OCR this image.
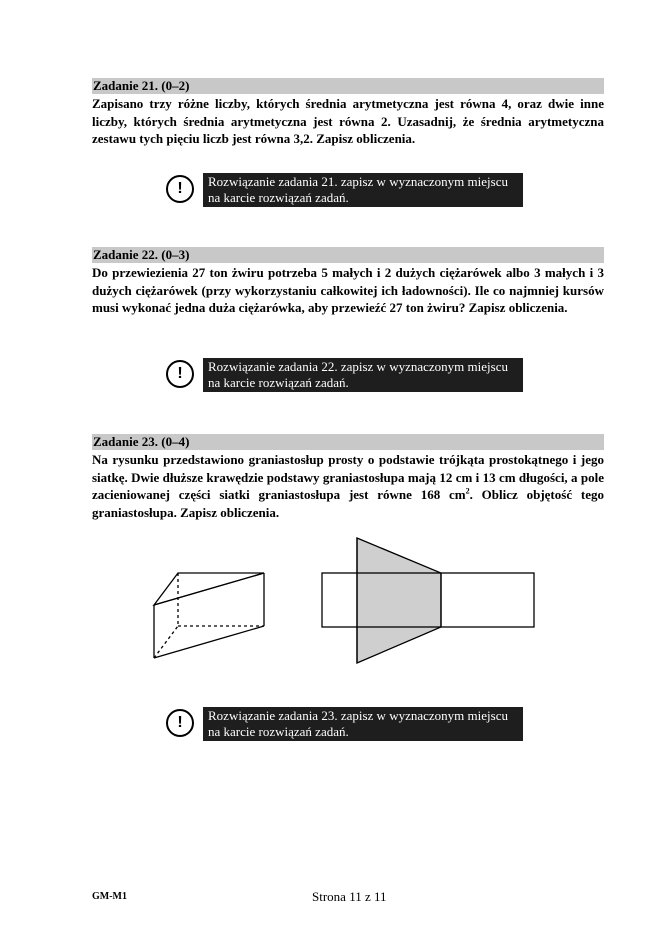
Zadanie 21. (0–2)

Zapisano trzy różne liczby, których średnia arytmetyczna jest równa 4, oraz dwie inne liczby, których średnia arytmetyczna jest równa 2. Uzasadnij, że średnia arytmetyczna zestawu tych pięciu liczb jest równa 3,2. Zapisz obliczenia.

!	Rozwiązanie zadania 21. zapisz w wyznaczonym miejscu
na karcie rozwiązań zadań.
Zadanie 22. (0–3)

Do przewiezienia 27 ton żwiru potrzeba 5 małych i 2 dużych ciężarówek albo 3 małych i 3 dużych ciężarówek (przy wykorzystaniu całkowitej ich ładowności). Ile co najmniej kursów musi wykonać jedna duża ciężarówka, aby przewieźć 27 ton żwiru? Zapisz obliczenia.

!	Rozwiązanie zadania 22. zapisz w wyznaczonym miejscu
na karcie rozwiązań zadań.
Zadanie 23. (0–4)

Na rysunku przedstawiono graniastosłup prosty o podstawie trójkąta prostokątnego i jego siatkę. Dwie dłuższe krawędzie podstawy graniastosłupa mają 12 cm i 13 cm długości, a pole zacieniowanej części siatki graniastosłupa jest równe 168 $cm^2$. Oblicz objętość tego graniastosłupa. Zapisz obliczenia.

!	Rozwiązanie zadania 23. zapisz w wyznaczonym miejscu
na karcie rozwiązań zadań.
GM-M1	Strona 11 z 11
